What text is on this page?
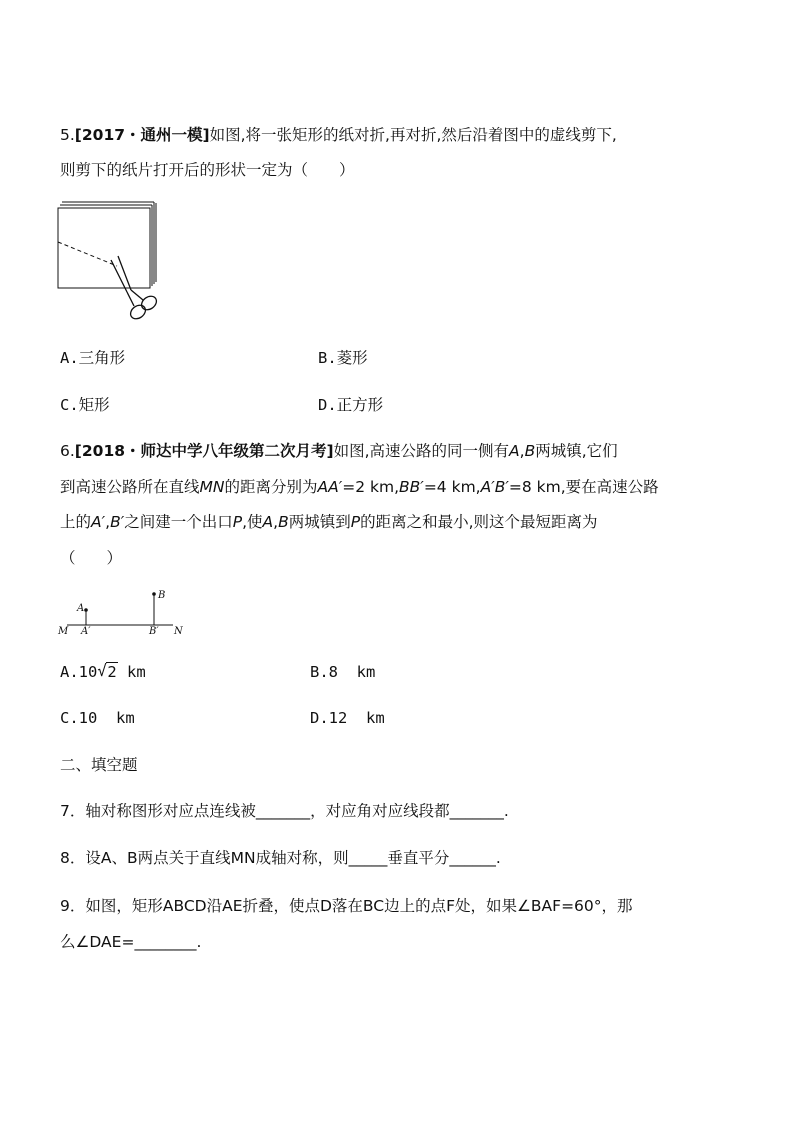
5.[2017・通州一模]如图,将一张矩形的纸对折,再对折,然后沿着图中的虚线剪下,
则剪下的纸片打开后的形状一定为（　　）
A.三角形	B.菱形
C.矩形	D.正方形
6.[2018・师达中学八年级第二次月考]如图,高速公路的同一侧有A,B两城镇,它们
到高速公路所在直线MN的距离分别为AA′=2 km,BB′=4 km,A′B′=8 km,要在高速公路
上的A′,B′之间建一个出口P,使A,B两城镇到P的距离之和最小,则这个最短距离为
（　　）
M A′	B′ N
A
B
A.10 √ 2 km	B.8  km
C.10  km	D.12  km
二、填空题
7．轴对称图形对应点连线被_______，对应角对应线段都_______.
8．设A、B两点关于直线MN成轴对称，则_____垂直平分______.
9．如图，矩形ABCD沿AE折叠，使点D落在BC边上的点F处，如果∠BAF=60°，那
么∠DAE=________.
